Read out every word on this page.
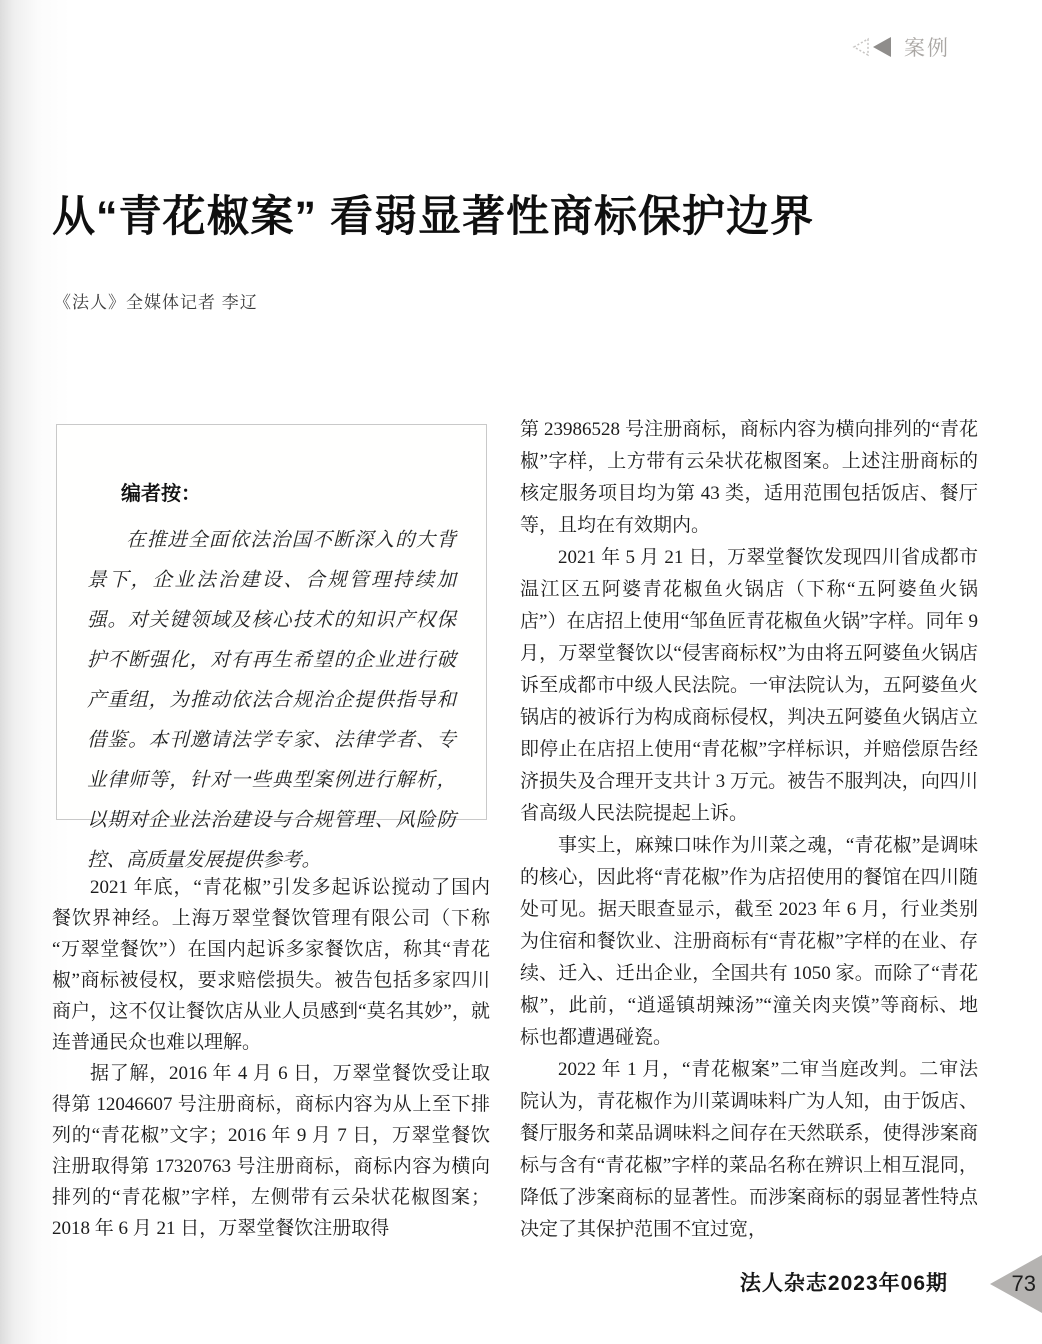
案例
从“青花椒案” 看弱显著性商标保护边界
《法人》全媒体记者 李辽
编者按：
在推进全面依法治国不断深入的大背景下，企业法治建设、合规管理持续加强。对关键领域及核心技术的知识产权保护不断强化，对有再生希望的企业进行破产重组，为推动依法合规治企提供指导和借鉴。本刊邀请法学专家、法律学者、专业律师等，针对一些典型案例进行解析，以期对企业法治建设与合规管理、风险防控、高质量发展提供参考。

2021 年底，“青花椒”引发多起诉讼搅动了国内餐饮界神经。上海万翠堂餐饮管理有限公司（下称“万翠堂餐饮”）在国内起诉多家餐饮店，称其“青花椒”商标被侵权，要求赔偿损失。被告包括多家四川商户，这不仅让餐饮店从业人员感到“莫名其妙”，就连普通民众也难以理解。

据了解，2016 年 4 月 6 日，万翠堂餐饮受让取得第 12046607 号注册商标，商标内容为从上至下排列的“青花椒”文字；2016 年 9 月 7 日，万翠堂餐饮注册取得第 17320763 号注册商标，商标内容为横向排列的“青花椒”字样，左侧带有云朵状花椒图案；2018 年 6 月 21 日，万翠堂餐饮注册取得

第 23986528 号注册商标，商标内容为横向排列的“青花椒”字样，上方带有云朵状花椒图案。上述注册商标的核定服务项目均为第 43 类，适用范围包括饭店、餐厅等，且均在有效期内。

2021 年 5 月 21 日，万翠堂餐饮发现四川省成都市温江区五阿婆青花椒鱼火锅店（下称“五阿婆鱼火锅店”）在店招上使用“邹鱼匠青花椒鱼火锅”字样。同年 9 月，万翠堂餐饮以“侵害商标权”为由将五阿婆鱼火锅店诉至成都市中级人民法院。一审法院认为，五阿婆鱼火锅店的被诉行为构成商标侵权，判决五阿婆鱼火锅店立即停止在店招上使用“青花椒”字样标识，并赔偿原告经济损失及合理开支共计 3 万元。被告不服判决，向四川省高级人民法院提起上诉。

事实上，麻辣口味作为川菜之魂，“青花椒”是调味的核心，因此将“青花椒”作为店招使用的餐馆在四川随处可见。据天眼查显示，截至 2023 年 6 月，行业类别为住宿和餐饮业、注册商标有“青花椒”字样的在业、存续、迁入、迁出企业，全国共有 1050 家。而除了“青花椒”，此前，“逍遥镇胡辣汤”“潼关肉夹馍”等商标、地标也都遭遇碰瓷。

2022 年 1 月，“青花椒案”二审当庭改判。二审法院认为，青花椒作为川菜调味料广为人知，由于饭店、餐厅服务和菜品调味料之间存在天然联系，使得涉案商标与含有“青花椒”字样的菜品名称在辨识上相互混同，降低了涉案商标的显著性。而涉案商标的弱显著性特点决定了其保护范围不宜过宽，

法人杂志2023年06期	73
